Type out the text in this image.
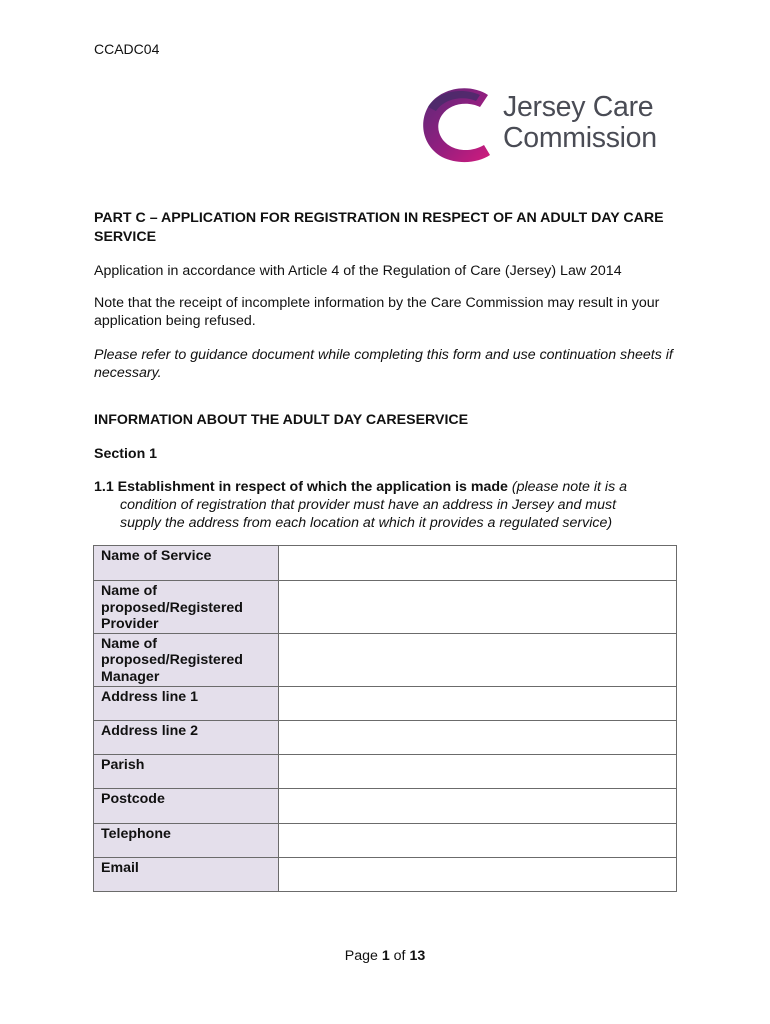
CCADC04
Jersey Care
Commission
PART C – APPLICATION FOR REGISTRATION IN RESPECT OF AN ADULT DAY CARE SERVICE
Application in accordance with Article 4 of the Regulation of Care (Jersey) Law 2014
Note that the receipt of incomplete information by the Care Commission may result in your application being refused.
Please refer to guidance document while completing this form and use continuation sheets if necessary.
INFORMATION ABOUT THE ADULT DAY CARESERVICE
Section 1
1.1 Establishment in respect of which the application is made (please note it is a
condition of registration that provider must have an address in Jersey and must
supply the address from each location at which it provides a regulated service)
Name of Service	
Name of proposed/Registered Provider	
Name of proposed/Registered Manager	
Address line 1	
Address line 2	
Parish	
Postcode	
Telephone	
Email	
Page 1 of 13
